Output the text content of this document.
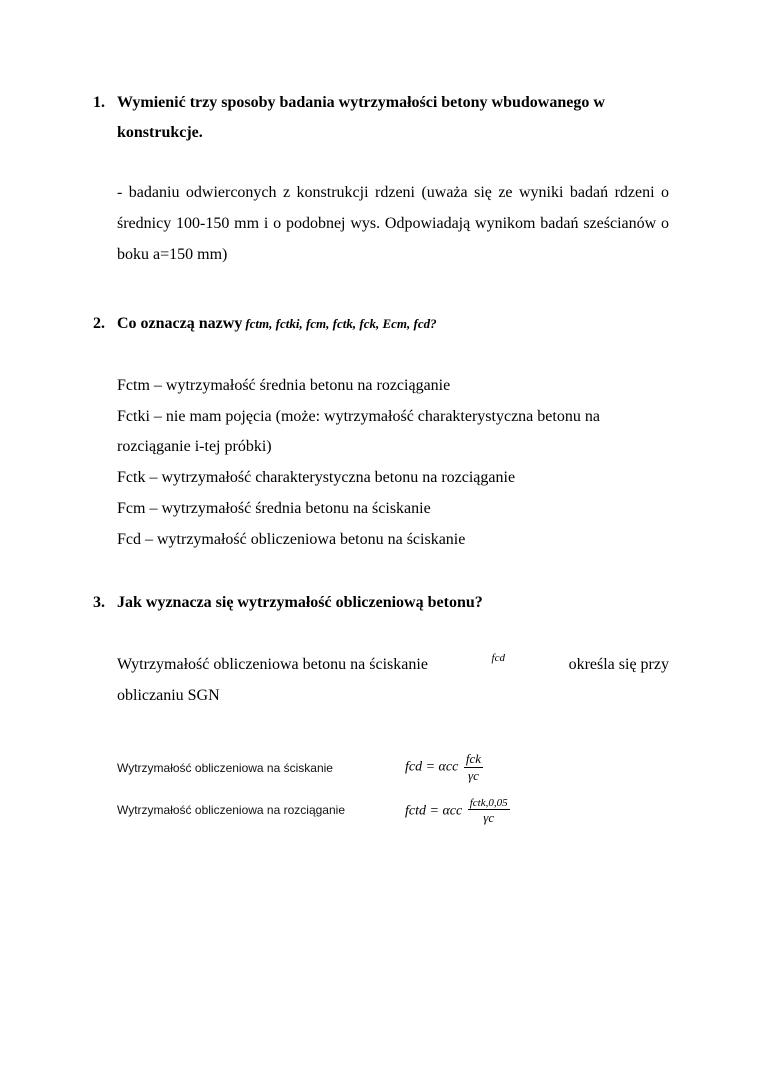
1. Wymienić trzy sposoby badania wytrzymałości betony wbudowanego w
konstrukcje.
- badaniu odwierconych z konstrukcji rdzeni (uważa się ze wyniki badań rdzeni o średnicy 100-150 mm i o podobnej wys. Odpowiadają wynikom badań sześcianów o boku a=150 mm)
2. Co oznaczą nazwy fctm, fctki, fcm, fctk, fck, Ecm, fcd?
Fctm – wytrzymałość średnia betonu na rozciąganie
Fctki – nie mam pojęcia (może: wytrzymałość charakterystyczna betonu na
rozciąganie i-tej próbki)
Fctk – wytrzymałość charakterystyczna betonu na rozciąganie
Fcm – wytrzymałość średnia betonu na ściskanie
Fcd – wytrzymałość obliczeniowa betonu na ściskanie
3. Jak wyznacza się wytrzymałość obliczeniową betonu?
Wytrzymałość obliczeniowa betonu na ściskanie	fcd	określa się przy
obliczaniu SGN
Wytrzymałość obliczeniowa na ściskanie	fcd = αcc $\frac{\text{fck}}{\gamma c}$
Wytrzymałość obliczeniowa na rozciąganie	fctd = αcc $\frac{\text{fctk,0,05}}{\gamma c}$
